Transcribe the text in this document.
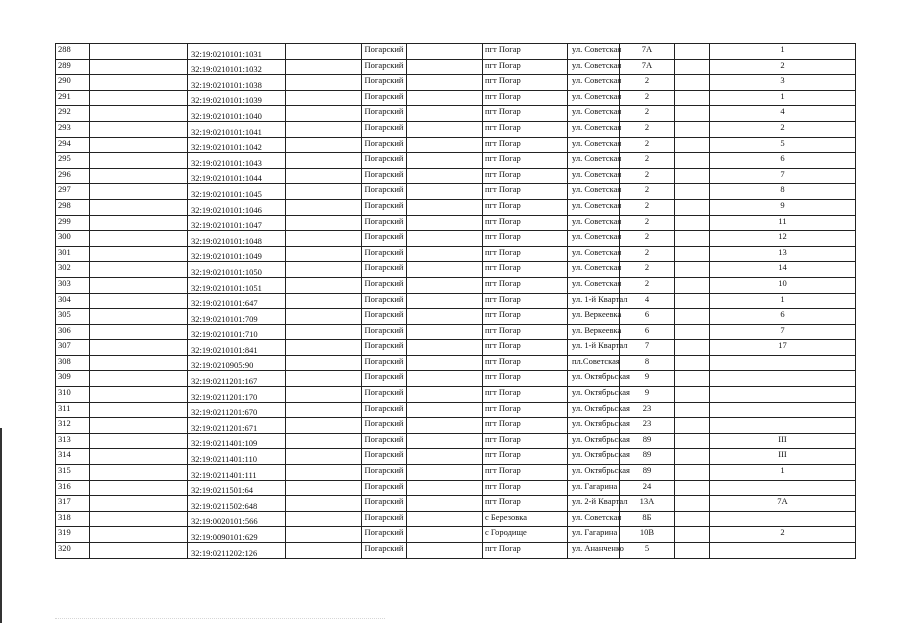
288		32:19:0210101:1031		Погарский		пгт Погар	ул. Советская	7А		1
289		32:19:0210101:1032		Погарский		пгт Погар	ул. Советская	7А		2
290		32:19:0210101:1038		Погарский		пгт Погар	ул. Советская	2		3
291		32:19:0210101:1039		Погарский		пгт Погар	ул. Советская	2		1
292		32:19:0210101:1040		Погарский		пгт Погар	ул. Советская	2		4
293		32:19:0210101:1041		Погарский		пгт Погар	ул. Советская	2		2
294		32:19:0210101:1042		Погарский		пгт Погар	ул. Советская	2		5
295		32:19:0210101:1043		Погарский		пгт Погар	ул. Советская	2		6
296		32:19:0210101:1044		Погарский		пгт Погар	ул. Советская	2		7
297		32:19:0210101:1045		Погарский		пгт Погар	ул. Советская	2		8
298		32:19:0210101:1046		Погарский		пгт Погар	ул. Советская	2		9
299		32:19:0210101:1047		Погарский		пгт Погар	ул. Советская	2		11
300		32:19:0210101:1048		Погарский		пгт Погар	ул. Советская	2		12
301		32:19:0210101:1049		Погарский		пгт Погар	ул. Советская	2		13
302		32:19:0210101:1050		Погарский		пгт Погар	ул. Советская	2		14
303		32:19:0210101:1051		Погарский		пгт Погар	ул. Советская	2		10
304		32:19:0210101:647		Погарский		пгт Погар	ул. 1-й Квартал	4		1
305		32:19:0210101:709		Погарский		пгт Погар	ул. Веркеевка	6		6
306		32:19:0210101:710		Погарский		пгт Погар	ул. Веркеевка	6		7
307		32:19:0210101:841		Погарский		пгт Погар	ул. 1-й Квартал	7		17
308		32:19:0210905:90		Погарский		пгт Погар	пл.Советская	8		
309		32:19:0211201:167		Погарский		пгт Погар	ул. Октябрьская	9		
310		32:19:0211201:170		Погарский		пгт Погар	ул. Октябрьская	9		
311		32:19:0211201:670		Погарский		пгт Погар	ул. Октябрьская	23		
312		32:19:0211201:671		Погарский		пгт Погар	ул. Октябрьская	23		
313		32:19:0211401:109		Погарский		пгт Погар	ул. Октябрьская	89		III
314		32:19:0211401:110		Погарский		пгт Погар	ул. Октябрьская	89		III
315		32:19:0211401:111		Погарский		пгт Погар	ул. Октябрьская	89		1
316		32:19:0211501:64		Погарский		пгт Погар	ул. Гагарина	24		
317		32:19:0211502:648		Погарский		пгт Погар	ул. 2-й Квартал	13А		7А
318		32:19:0020101:566		Погарский		с Березовка	ул. Советская	8Б		
319		32:19:0090101:629		Погарский		с Городище	ул. Гагарина	10В		2
320		32:19:0211202:126		Погарский		пгт Погар	ул. Ананченко	5		
